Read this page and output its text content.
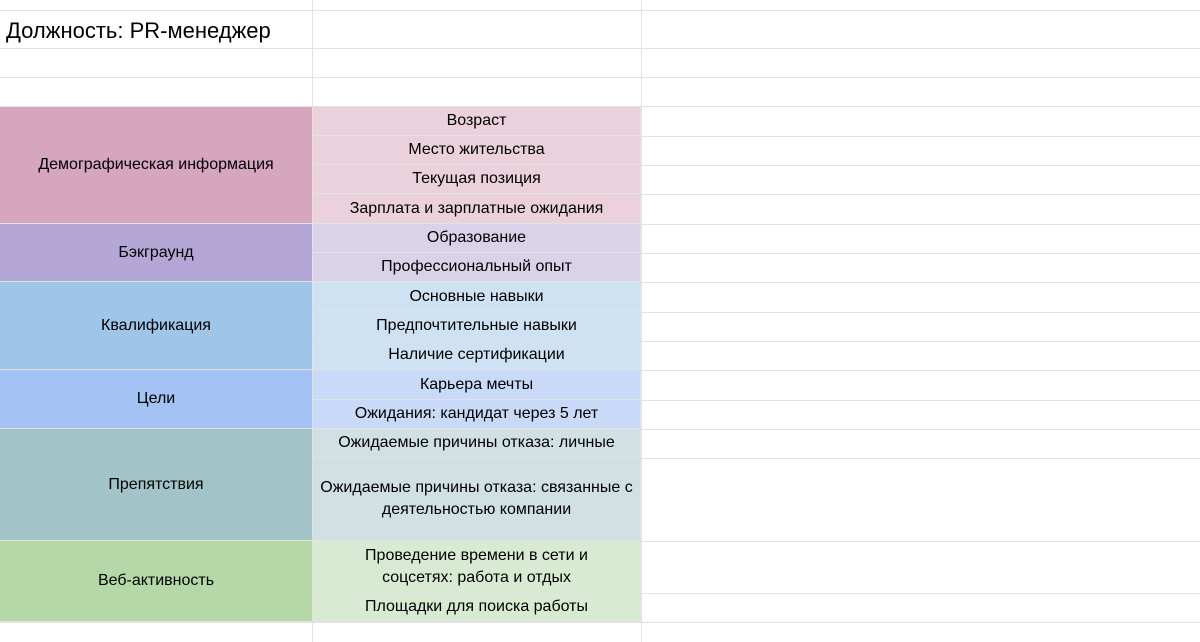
Должность: PR-менеджер
Демографическая информация
Возраст
Место жительства
Текущая позиция
Зарплата и зарплатные ожидания
Бэкграунд
Образование
Профессиональный опыт
Квалификация
Основные навыки
Предпочтительные навыки
Наличие сертификации
Цели
Карьера мечты
Ожидания: кандидат через 5 лет
Препятствия
Ожидаемые причины отказа: личные
Ожидаемые причины отказа: связанные с деятельностью компании
Веб-активность
Проведение времени в сети и соцсетях: работа и отдых
Площадки для поиска работы
